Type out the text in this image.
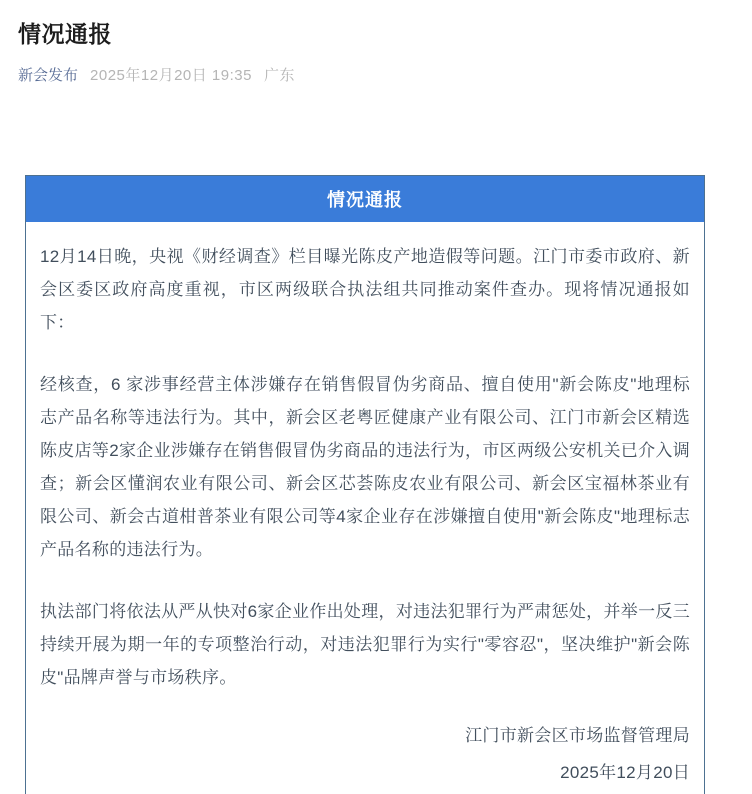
情况通报
新会发布 2025年12月20日 19:35 广东
情况通报

12月14日晚，央视《财经调查》栏目曝光陈皮产地造假等问题。江门市委市政府、新会区委区政府高度重视，市区两级联合执法组共同推动案件查办。现将情况通报如下：

经核查，6 家涉事经营主体涉嫌存在销售假冒伪劣商品、擅自使用"新会陈皮"地理标志产品名称等违法行为。其中，新会区老粤匠健康产业有限公司、江门市新会区精选陈皮店等2家企业涉嫌存在销售假冒伪劣商品的违法行为，市区两级公安机关已介入调查；新会区懂润农业有限公司、新会区芯荟陈皮农业有限公司、新会区宝福林茶业有限公司、新会古道柑普茶业有限公司等4家企业存在涉嫌擅自使用"新会陈皮"地理标志产品名称的违法行为。

执法部门将依法从严从快对6家企业作出处理，对违法犯罪行为严肃惩处，并举一反三持续开展为期一年的专项整治行动，对违法犯罪行为实行"零容忍"，坚决维护"新会陈皮"品牌声誉与市场秩序。

江门市新会区市场监督管理局
2025年12月20日
